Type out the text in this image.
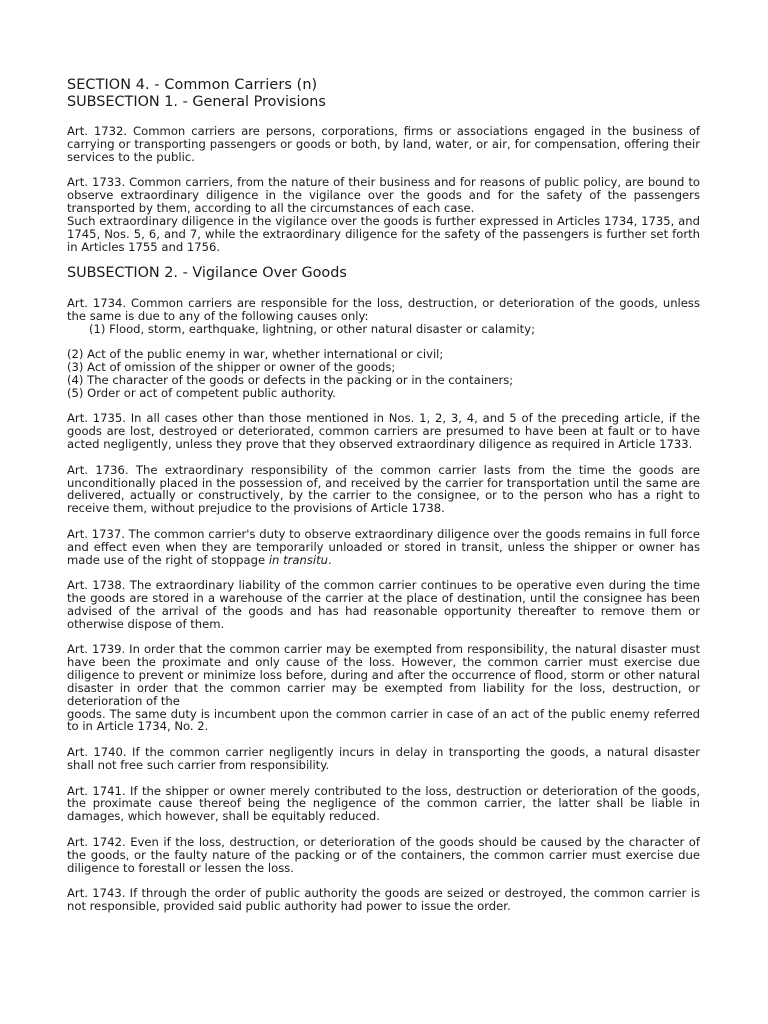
SECTION 4. - Common Carriers (n)
SUBSECTION 1. - General Provisions

Art. 1732. Common carriers are persons, corporations, firms or associations engaged in the business of carrying or transporting passengers or goods or both, by land, water, or air, for compensation, offering their services to the public.

Art. 1733. Common carriers, from the nature of their business and for reasons of public policy, are bound to observe extraordinary diligence in the vigilance over the goods and for the safety of the passengers transported by them, according to all the circumstances of each case.

Such extraordinary diligence in the vigilance over the goods is further expressed in Articles 1734, 1735, and 1745, Nos. 5, 6, and 7, while the extraordinary diligence for the safety of the passengers is further set forth in Articles 1755 and 1756.

SUBSECTION 2. - Vigilance Over Goods

Art. 1734. Common carriers are responsible for the loss, destruction, or deterioration of the goods, unless the same is due to any of the following causes only:

(1) Flood, storm, earthquake, lightning, or other natural disaster or calamity;

(2) Act of the public enemy in war, whether international or civil;

(3) Act of omission of the shipper or owner of the goods;

(4) The character of the goods or defects in the packing or in the containers;

(5) Order or act of competent public authority.

Art. 1735. In all cases other than those mentioned in Nos. 1, 2, 3, 4, and 5 of the preceding article, if the goods are lost, destroyed or deteriorated, common carriers are presumed to have been at fault or to have acted negligently, unless they prove that they observed extraordinary diligence as required in Article 1733.

Art. 1736. The extraordinary responsibility of the common carrier lasts from the time the goods are unconditionally placed in the possession of, and received by the carrier for transportation until the same are delivered, actually or constructively, by the carrier to the consignee, or to the person who has a right to receive them, without prejudice to the provisions of Article 1738.

Art. 1737. The common carrier's duty to observe extraordinary diligence over the goods remains in full force and effect even when they are temporarily unloaded or stored in transit, unless the shipper or owner has made use of the right of stoppage in transitu.

Art. 1738. The extraordinary liability of the common carrier continues to be operative even during the time the goods are stored in a warehouse of the carrier at the place of destination, until the consignee has been advised of the arrival of the goods and has had reasonable opportunity thereafter to remove them or otherwise dispose of them.

Art. 1739. In order that the common carrier may be exempted from responsibility, the natural disaster must have been the proximate and only cause of the loss. However, the common carrier must exercise due diligence to prevent or minimize loss before, during and after the occurrence of flood, storm or other natural disaster in order that the common carrier may be exempted from liability for the loss, destruction, or deterioration of the

goods. The same duty is incumbent upon the common carrier in case of an act of the public enemy referred to in Article 1734, No. 2.

Art. 1740. If the common carrier negligently incurs in delay in transporting the goods, a natural disaster shall not free such carrier from responsibility.

Art. 1741. If the shipper or owner merely contributed to the loss, destruction or deterioration of the goods, the proximate cause thereof being the negligence of the common carrier, the latter shall be liable in damages, which however, shall be equitably reduced.

Art. 1742. Even if the loss, destruction, or deterioration of the goods should be caused by the character of the goods, or the faulty nature of the packing or of the containers, the common carrier must exercise due diligence to forestall or lessen the loss.

Art. 1743. If through the order of public authority the goods are seized or destroyed, the common carrier is not responsible, provided said public authority had power to issue the order.
